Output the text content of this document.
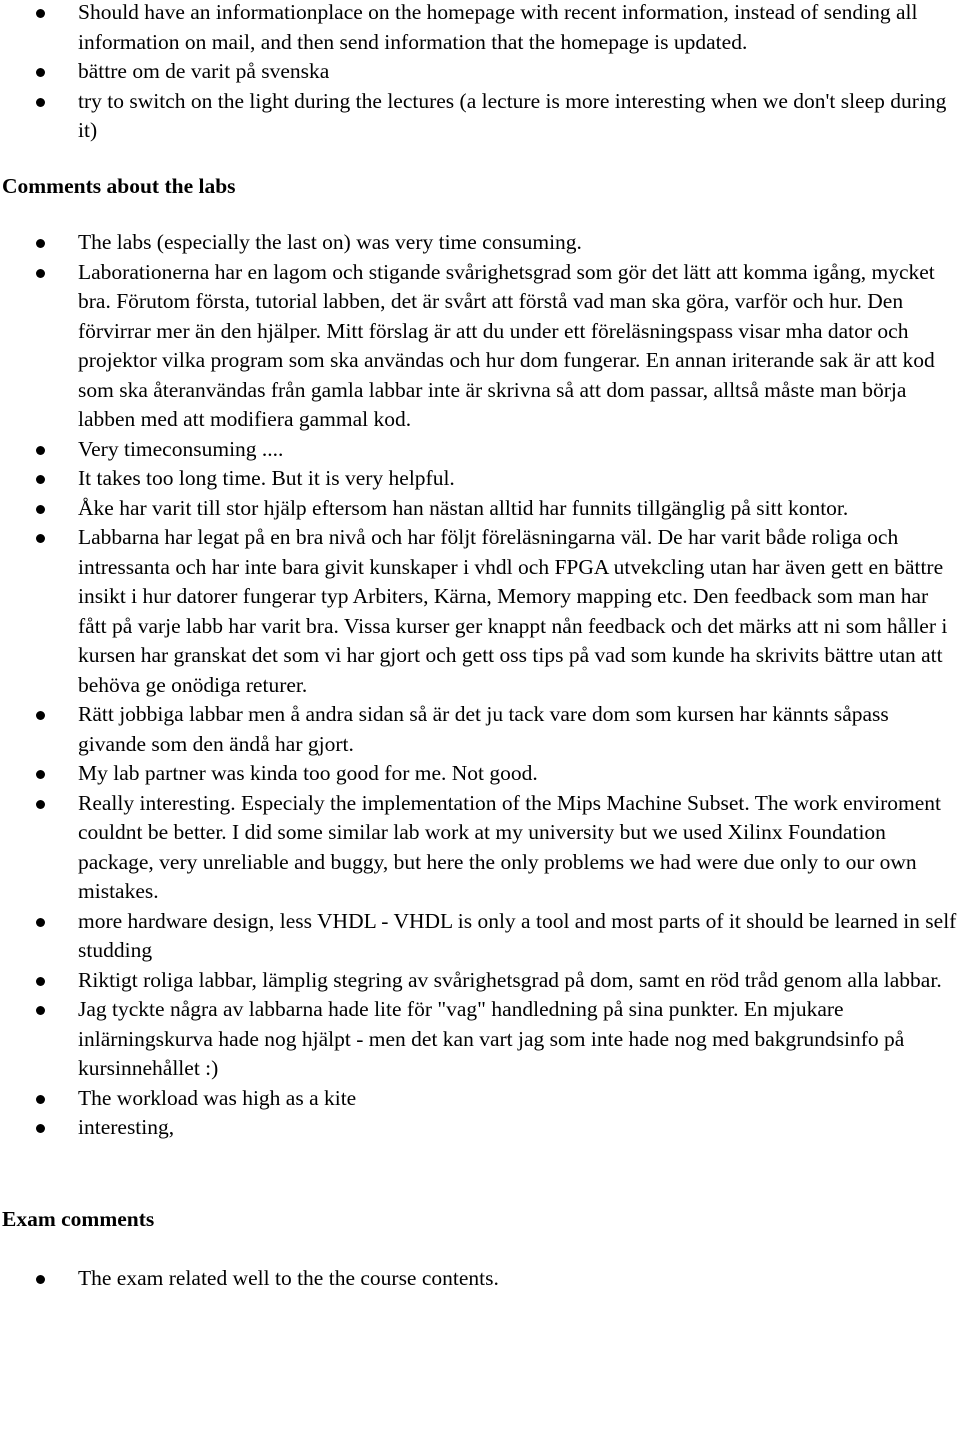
Should have an informationplace on the homepage with recent information, instead of sending all information on mail, and then send information that the homepage is updated.
bättre om de varit på svenska
try to switch on the light during the lectures (a lecture is more interesting when we don't sleep during it)
Comments about the labs
The labs (especially the last on) was very time consuming.
Laborationerna har en lagom och stigande svårighetsgrad som gör det lätt att komma igång, mycket bra. Förutom första, tutorial labben, det är svårt att förstå vad man ska göra, varför och hur. Den förvirrar mer än den hjälper. Mitt förslag är att du under ett föreläsningspass visar mha dator och projektor vilka program som ska användas och hur dom fungerar. En annan iriterande sak är att kod som ska återanvändas från gamla labbar inte är skrivna så att dom passar, alltså måste man börja labben med att modifiera gammal kod.
Very timeconsuming ....
It takes too long time. But it is very helpful.
Åke har varit till stor hjälp eftersom han nästan alltid har funnits tillgänglig på sitt kontor.
Labbarna har legat på en bra nivå och har följt föreläsningarna väl. De har varit både roliga och intressanta och har inte bara givit kunskaper i vhdl och FPGA utvekcling utan har även gett en bättre insikt i hur datorer fungerar typ Arbiters, Kärna, Memory mapping etc. Den feedback som man har fått på varje labb har varit bra. Vissa kurser ger knappt nån feedback och det märks att ni som håller i kursen har granskat det som vi har gjort och gett oss tips på vad som kunde ha skrivits bättre utan att behöva ge onödiga returer.
Rätt jobbiga labbar men å andra sidan så är det ju tack vare dom som kursen har kännts såpass givande som den ändå har gjort.
My lab partner was kinda too good for me. Not good.
Really interesting. Especialy the implementation of the Mips Machine Subset. The work enviroment couldnt be better. I did some similar lab work at my university but we used Xilinx Foundation package, very unreliable and buggy, but here the only problems we had were due only to our own mistakes.
more hardware design, less VHDL - VHDL is only a tool and most parts of it should be learned in self studding
Riktigt roliga labbar, lämplig stegring av svårighetsgrad på dom, samt en röd tråd genom alla labbar.
Jag tyckte några av labbarna hade lite för "vag" handledning på sina punkter. En mjukare inlärningskurva hade nog hjälpt - men det kan vart jag som inte hade nog med bakgrundsinfo på kursinnehållet :)
The workload was high as a kite
interesting,
Exam comments
The exam related well to the the course contents.
